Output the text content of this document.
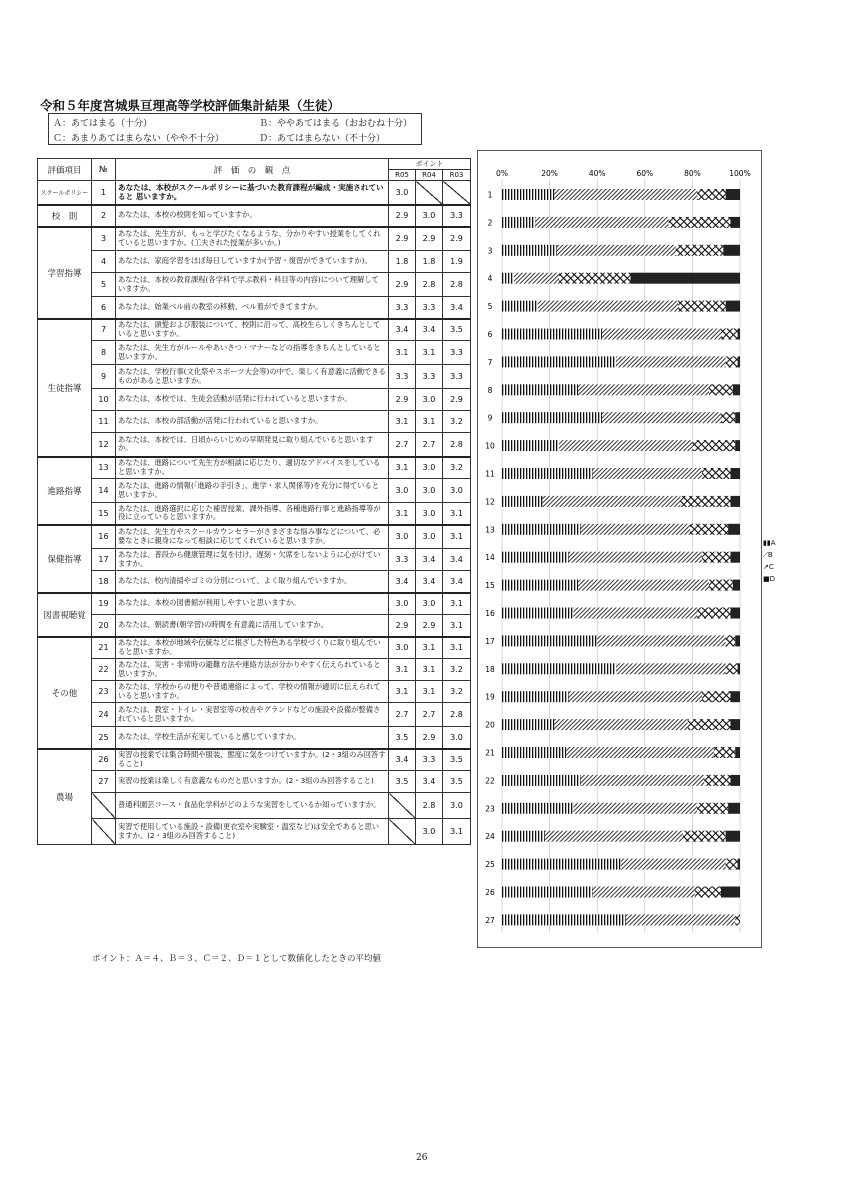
令和５年度宮城県亘理高等学校評価集計結果（生徒）
Ａ：あてはまる（十分）	Ｂ：ややあてはまる（おおむね十分）
Ｃ：あまりあてはまらない（やや不十分）	Ｄ：あてはまらない（不十分）
評価項目	№	評　価　の　観　点	ポイント		
			R05	R04	R03
スクールポリシー	1	あなたは、本校がスクールポリシーに基づいた教育課程が編成・実施されていると 思いますか。	3.0		
校　則	2	あなたは、本校の校則を知っていますか。	2.9	3.0	3.3
学習指導	3	あなたは、先生方が、もっと学びたくなるような、分かりやすい授業をしてくれていると思いますか。(工夫された授業が多いか。)	2.9	2.9	2.9
	4	あなたは、家庭学習をほぼ毎日していますか(予習・復習ができていますか)。	1.8	1.8	1.9
	5	あなたは、本校の教育課程(各学科で学ぶ教科・科目等の内容)について理解していますか。	2.9	2.8	2.8
	6	あなたは、始業ベル前の教室の移動、ベル着ができてますか。	3.3	3.3	3.4
生徒指導	7	あなたは、頭髪および服装について、校則に沿って、高校生らしくきちんとしていると思いますか。	3.4	3.4	3.5
	8	あなたは、先生方がルールやあいさつ・マナーなどの指導をきちんとしていると思いますか。	3.1	3.1	3.3
	9	あなたは、学校行事(文化祭やスポーツ大会等)の中で、楽しく有意義に活動できるものがあると思いますか。	3.3	3.3	3.3
	10	あなたは、本校では、生徒会活動が活発に行われていると思いますか。	2.9	3.0	2.9
	11	あなたは、本校の部活動が活発に行われていると思いますか。	3.1	3.1	3.2
	12	あなたは、本校では、日頃からいじめの早期発見に取り組んでいると思いますか。	2.7	2.7	2.8
進路指導	13	あなたは、進路について先生方が相談に応じたり、適切なアドバイスをしていると思いますか。	3.1	3.0	3.2
	14	あなたは、進路の情報(「進路の手引き」、進学・求人関係等)を充分に得ていると思いますか。	3.0	3.0	3.0
	15	あなたは、進路選択に応じた補習授業、課外指導、各種進路行事と進路指導等が役に立っていると思いますか。	3.1	3.0	3.1
保健指導	16	あなたは、先生方やスクールカウンセラーがさまざまな悩み事などについて、必要なときに親身になって相談に応じてくれていると思いますか。	3.0	3.0	3.1
	17	あなたは、普段から健康管理に気を付け、遅刻・欠席をしないように心がけていますか。	3.3	3.4	3.4
	18	あなたは、校内清掃やゴミの分別について、よく取り組んでいますか。	3.4	3.4	3.4
図書視聴覚	19	あなたは、本校の図書館が利用しやすいと思いますか。	3.0	3.0	3.1
	20	あなたは、朝読書(朝学習)の時間を有意義に活用していますか。	2.9	2.9	3.1
その他	21	あなたは、本校が地域や伝統などに根ざした特色ある学校づくりに取り組んでいると思いますか。	3.0	3.1	3.1
	22	あなたは、災害・非常時の避難方法や連絡方法が分かりやすく伝えられていると思いますか。	3.1	3.1	3.2
	23	あなたは、学校からの便りや普通連絡によって、学校の情報が適切に伝えられていると思いますか。	3.1	3.1	3.2
	24	あなたは、教室・トイレ・実習室等の校舎やグランドなどの施設や設備が整備されていると思いますか。	2.7	2.7	2.8
	25	あなたは、学校生活が充実していると感じていますか。	3.5	2.9	3.0
農場	26	実習の授業では集合時間や服装、態度に気をつけていますか。(2・3組のみ回答すること)	3.4	3.3	3.5
	27	実習の授業は楽しく有意義なものだと思いますか。(2・3組のみ回答すること)	3.5	3.4	3.5
		普通科園芸コース・食品化学科がどのような実習をしているか知っていますか。		2.8	3.0
		実習で使用している施設・設備(更衣室や実験室・温室など)は安全であると思いますか。(2・3組のみ回答すること)		3.0	3.1
ポイント：Ａ＝４、Ｂ＝３、Ｃ＝２、Ｄ＝１として数値化したときの平均値
0%	20%	40%	60%	80%	100%
1
2
3
4
5
6
7
8
9
10
11
12
13
14
15
16
17
18
19
20
21
22
23
24
25
26
27
▮▮A
⟋B
↗C
■D
26
